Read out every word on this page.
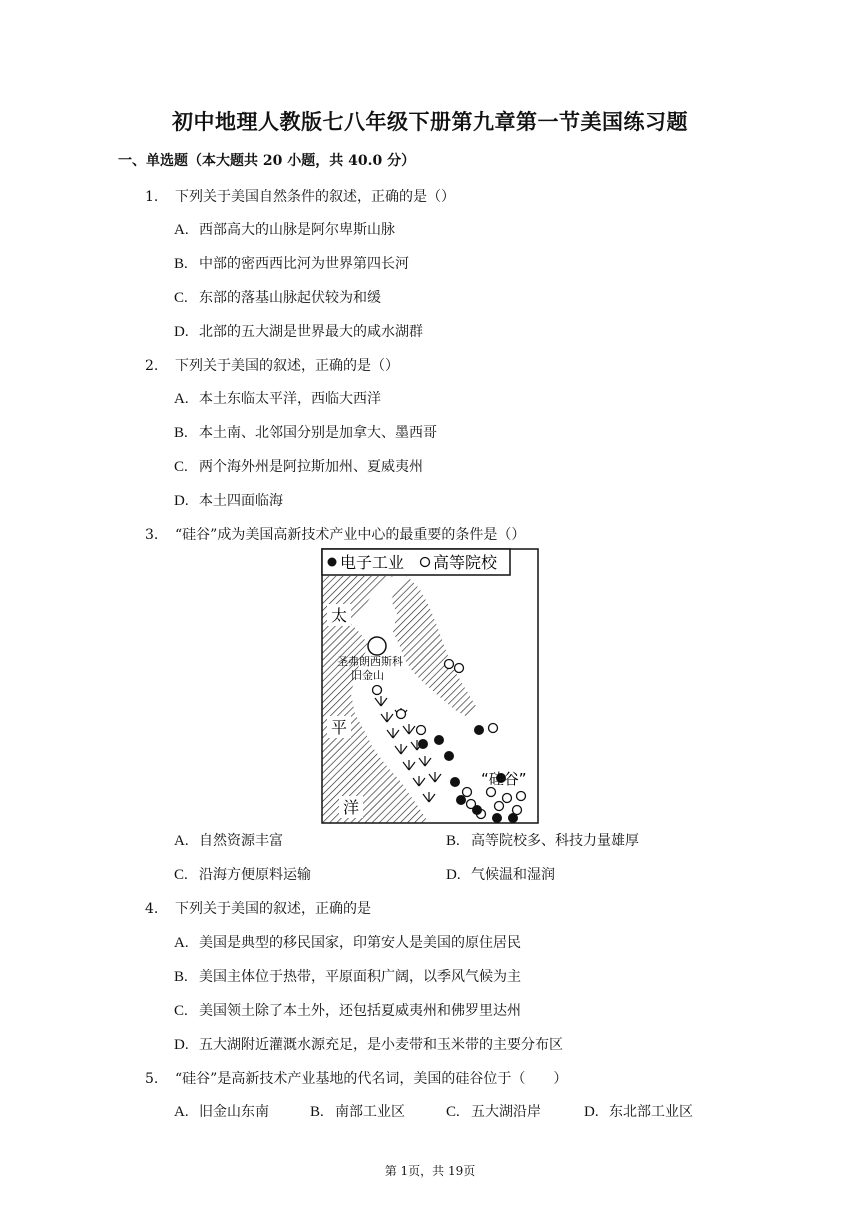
初中地理人教版七八年级下册第九章第一节美国练习题
一、单选题（本大题共 20 小题，共 40.0 分）
1. 下列关于美国自然条件的叙述，正确的是（）
A. 西部高大的山脉是阿尔卑斯山脉
B. 中部的密西西比河为世界第四长河
C. 东部的落基山脉起伏较为和缓
D. 北部的五大湖是世界最大的咸水湖群
2. 下列关于美国的叙述，正确的是（）
A. 本土东临太平洋，西临大西洋
B. 本土南、北邻国分别是加拿大、墨西哥
C. 两个海外州是阿拉斯加州、夏威夷州
D. 本土四面临海
3. “硅谷”成为美国高新技术产业中心的最重要的条件是（）
电子工业 高等院校
太
平
洋
圣弗朗西斯科
旧金山
“硅谷”
A. 自然资源丰富	B. 高等院校多、科技力量雄厚
C. 沿海方便原料运输	D. 气候温和湿润
4. 下列关于美国的叙述，正确的是
A. 美国是典型的移民国家，印第安人是美国的原住居民
B. 美国主体位于热带，平原面积广阔，以季风气候为主
C. 美国领土除了本土外，还包括夏威夷州和佛罗里达州
D. 五大湖附近灌溉水源充足，是小麦带和玉米带的主要分布区
5. “硅谷”是高新技术产业基地的代名词，美国的硅谷位于（　　）
A. 旧金山东南	B. 南部工业区	C. 五大湖沿岸	D. 东北部工业区
第 1页，共 19页
